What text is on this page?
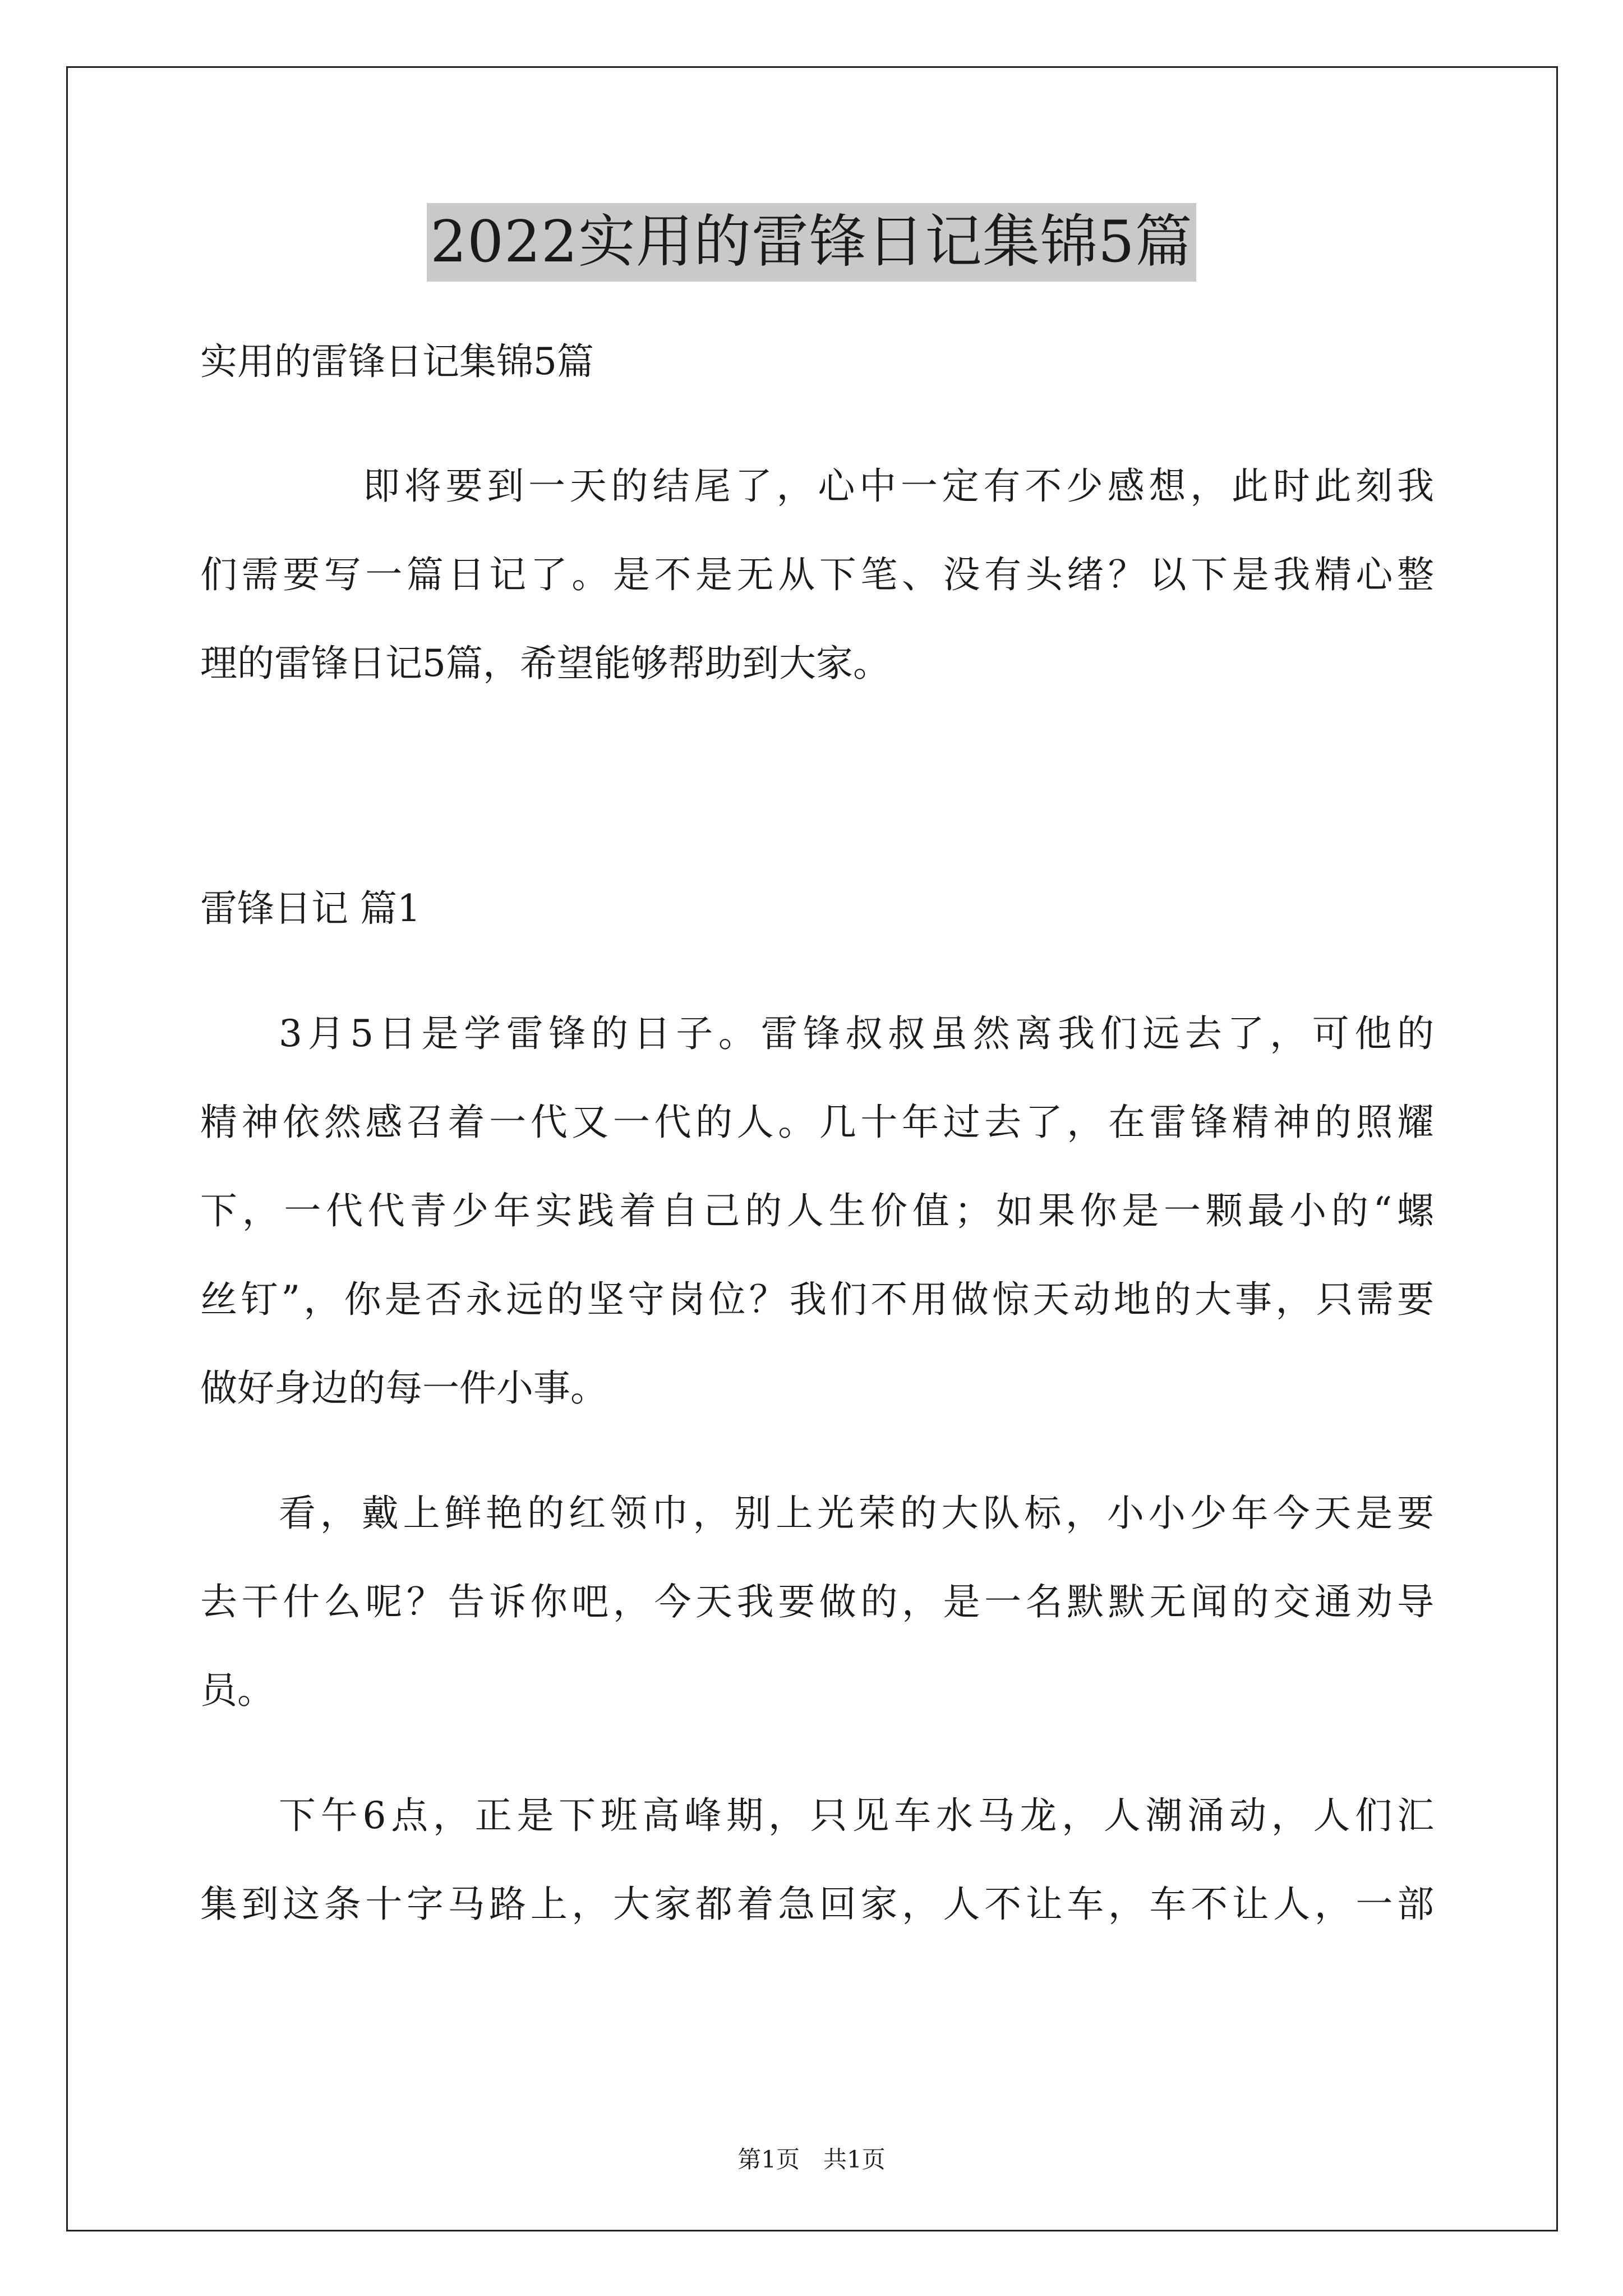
2022实用的雷锋日记集锦5篇

实用的雷锋日记集锦5篇

即将要到一天的结尾了，心中一定有不少感想，此时此刻我

们需要写一篇日记了。是不是无从下笔、没有头绪？以下是我精心整

理的雷锋日记5篇，希望能够帮助到大家。

雷锋日记 篇1

3月5日是学雷锋的日子。雷锋叔叔虽然离我们远去了，可他的

精神依然感召着一代又一代的人。几十年过去了，在雷锋精神的照耀

下，一代代青少年实践着自己的人生价值；如果你是一颗最小的“螺

丝钉”，你是否永远的坚守岗位？我们不用做惊天动地的大事，只需要

做好身边的每一件小事。

看，戴上鲜艳的红领巾，别上光荣的大队标，小小少年今天是要

去干什么呢？告诉你吧，今天我要做的，是一名默默无闻的交通劝导

员。

下午6点，正是下班高峰期，只见车水马龙，人潮涌动，人们汇

集到这条十字马路上，大家都着急回家，人不让车，车不让人，一部

第1页　共1页
